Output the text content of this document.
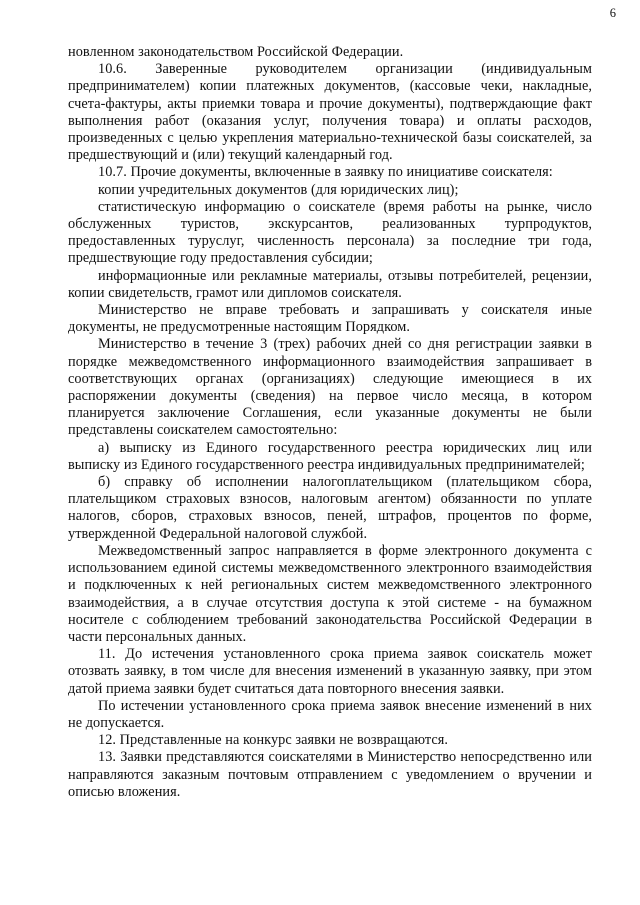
6

новленном законодательством Российской Федерации.

10.6. Заверенные руководителем организации (индивидуальным предпринимателем) копии платежных документов, (кассовые чеки, накладные, счета-фактуры, акты приемки товара и прочие документы), подтверждающие факт выполнения работ (оказания услуг, получения товара) и оплаты расходов, произведенных с целью укрепления материально-технической базы соискателей, за предшествующий и (или) текущий календарный год.

10.7. Прочие документы, включенные в заявку по инициативе соискателя:

копии учредительных документов (для юридических лиц);

статистическую информацию о соискателе (время работы на рынке, число обслуженных туристов, экскурсантов, реализованных турпродуктов, предоставленных туруслуг, численность персонала) за последние три года, предшествующие году предоставления субсидии;

информационные или рекламные материалы, отзывы потребителей, рецензии, копии свидетельств, грамот или дипломов соискателя.

Министерство не вправе требовать и запрашивать у соискателя иные документы, не предусмотренные настоящим Порядком.

Министерство в течение 3 (трех) рабочих дней со дня регистрации заявки в порядке межведомственного информационного взаимодействия запрашивает в соответствующих органах (организациях) следующие имеющиеся в их распоряжении документы (сведения) на первое число месяца, в котором планируется заключение Соглашения, если указанные документы не были представлены соискателем самостоятельно:

а) выписку из Единого государственного реестра юридических лиц или выписку из Единого государственного реестра индивидуальных предпринимателей;

б) справку об исполнении налогоплательщиком (плательщиком сбора, плательщиком страховых взносов, налоговым агентом) обязанности по уплате налогов, сборов, страховых взносов, пеней, штрафов, процентов по форме, утвержденной Федеральной налоговой службой.

Межведомственный запрос направляется в форме электронного документа с использованием единой системы межведомственного электронного взаимодействия и подключенных к ней региональных систем межведомственного электронного взаимодействия, а в случае отсутствия доступа к этой системе - на бумажном носителе с соблюдением требований законодательства Российской Федерации в части персональных данных.

11. До истечения установленного срока приема заявок соискатель может отозвать заявку, в том числе для внесения изменений в указанную заявку, при этом датой приема заявки будет считаться дата повторного внесения заявки.

По истечении установленного срока приема заявок внесение изменений в них не допускается.

12. Представленные на конкурс заявки не возвращаются.

13. Заявки представляются соискателями в Министерство непосредственно или направляются заказным почтовым отправлением с уведомлением о вручении и описью вложения.
